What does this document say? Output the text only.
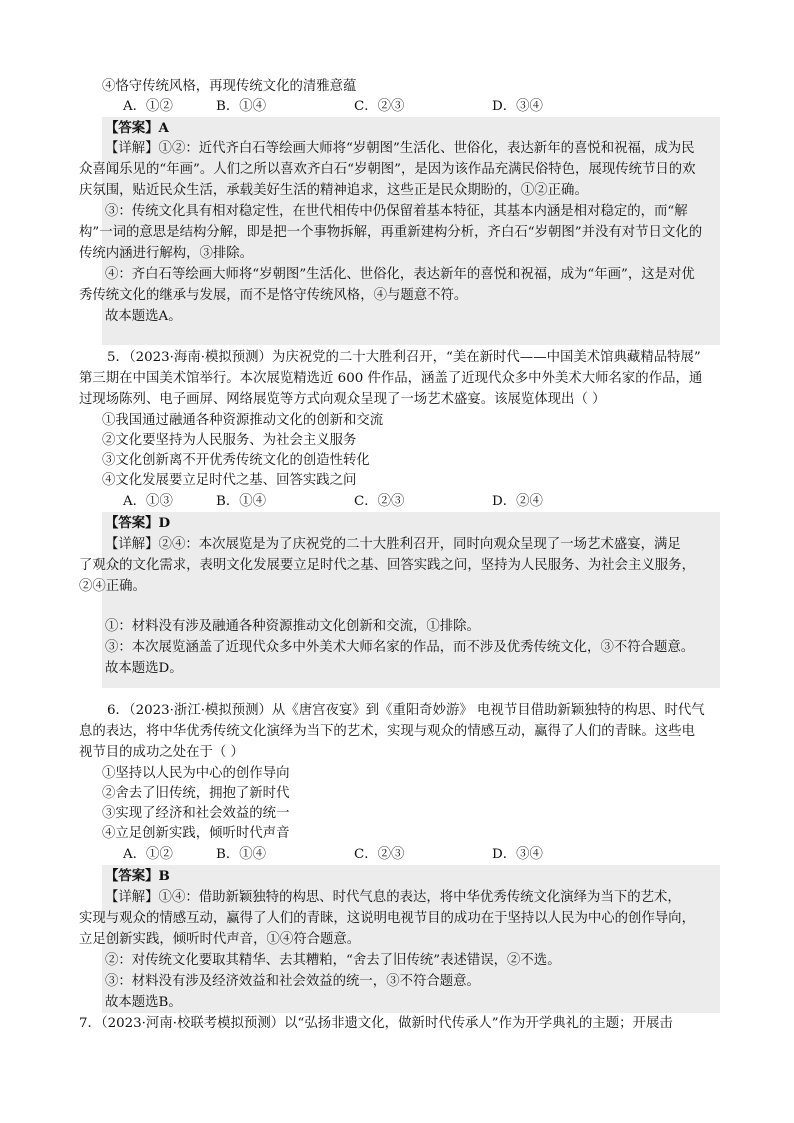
④恪守传统风格，再现传统文化的清雅意蕴
A．①②	B．①④	C．②③	D．③④
【答案】A
【详解】①②：近代齐白石等绘画大师将“岁朝图”生活化、世俗化，表达新年的喜悦和祝福，成为民
众喜闻乐见的“年画”。人们之所以喜欢齐白石“岁朝图”，是因为该作品充满民俗特色，展现传统节日的欢
庆氛围，贴近民众生活，承载美好生活的精神追求，这些正是民众期盼的，①②正确。
③：传统文化具有相对稳定性，在世代相传中仍保留着基本特征，其基本内涵是相对稳定的，而“解
构”一词的意思是结构分解，即是把一个事物拆解，再重新建构分析，齐白石“岁朝图”并没有对节日文化的
传统内涵进行解构，③排除。
④：齐白石等绘画大师将“岁朝图”生活化、世俗化，表达新年的喜悦和祝福，成为“年画”，这是对优
秀传统文化的继承与发展，而不是恪守传统风格，④与题意不符。
故本题选A。
5．（2023·海南·模拟预测）为庆祝党的二十大胜利召开，“美在新时代——中国美术馆典藏精品特展”
第三期在中国美术馆举行。本次展览精选近 600 件作品，涵盖了近现代众多中外美术大师名家的作品，通
过现场陈列、电子画屏、网络展览等方式向观众呈现了一场艺术盛宴。该展览体现出（ ）
①我国通过融通各种资源推动文化的创新和交流
②文化要坚持为人民服务、为社会主义服务
③文化创新离不开优秀传统文化的创造性转化
④文化发展要立足时代之基、回答实践之问
A．①③	B．①④	C．②③	D．②④
【答案】D
【详解】②④：本次展览是为了庆祝党的二十大胜利召开，同时向观众呈现了一场艺术盛宴，满足
了观众的文化需求，表明文化发展要立足时代之基、回答实践之问，坚持为人民服务、为社会主义服务，
②④正确。
①：材料没有涉及融通各种资源推动文化创新和交流，①排除。
③：本次展览涵盖了近现代众多中外美术大师名家的作品，而不涉及优秀传统文化，③不符合题意。
故本题选D。
6．（2023·浙江·模拟预测）从《唐宫夜宴》到《重阳奇妙游》 电视节目借助新颖独特的构思、时代气
息的表达，将中华优秀传统文化演绎为当下的艺术，实现与观众的情感互动，赢得了人们的青睐。这些电
视节目的成功之处在于（ ）
①坚持以人民为中心的创作导向
②舍去了旧传统，拥抱了新时代
③实现了经济和社会效益的统一
④立足创新实践，倾听时代声音
A．①②	B．①④	C．②③	D．③④
【答案】B
【详解】①④：借助新颖独特的构思、时代气息的表达，将中华优秀传统文化演绎为当下的艺术，
实现与观众的情感互动，赢得了人们的青睐，这说明电视节目的成功在于坚持以人民为中心的创作导向，
立足创新实践，倾听时代声音，①④符合题意。
②：对传统文化要取其精华、去其糟粕，“舍去了旧传统”表述错误，②不选。
③：材料没有涉及经济效益和社会效益的统一，③不符合题意。
故本题选B。
7．（2023·河南·校联考模拟预测）以“弘扬非遗文化，做新时代传承人”作为开学典礼的主题；开展击
